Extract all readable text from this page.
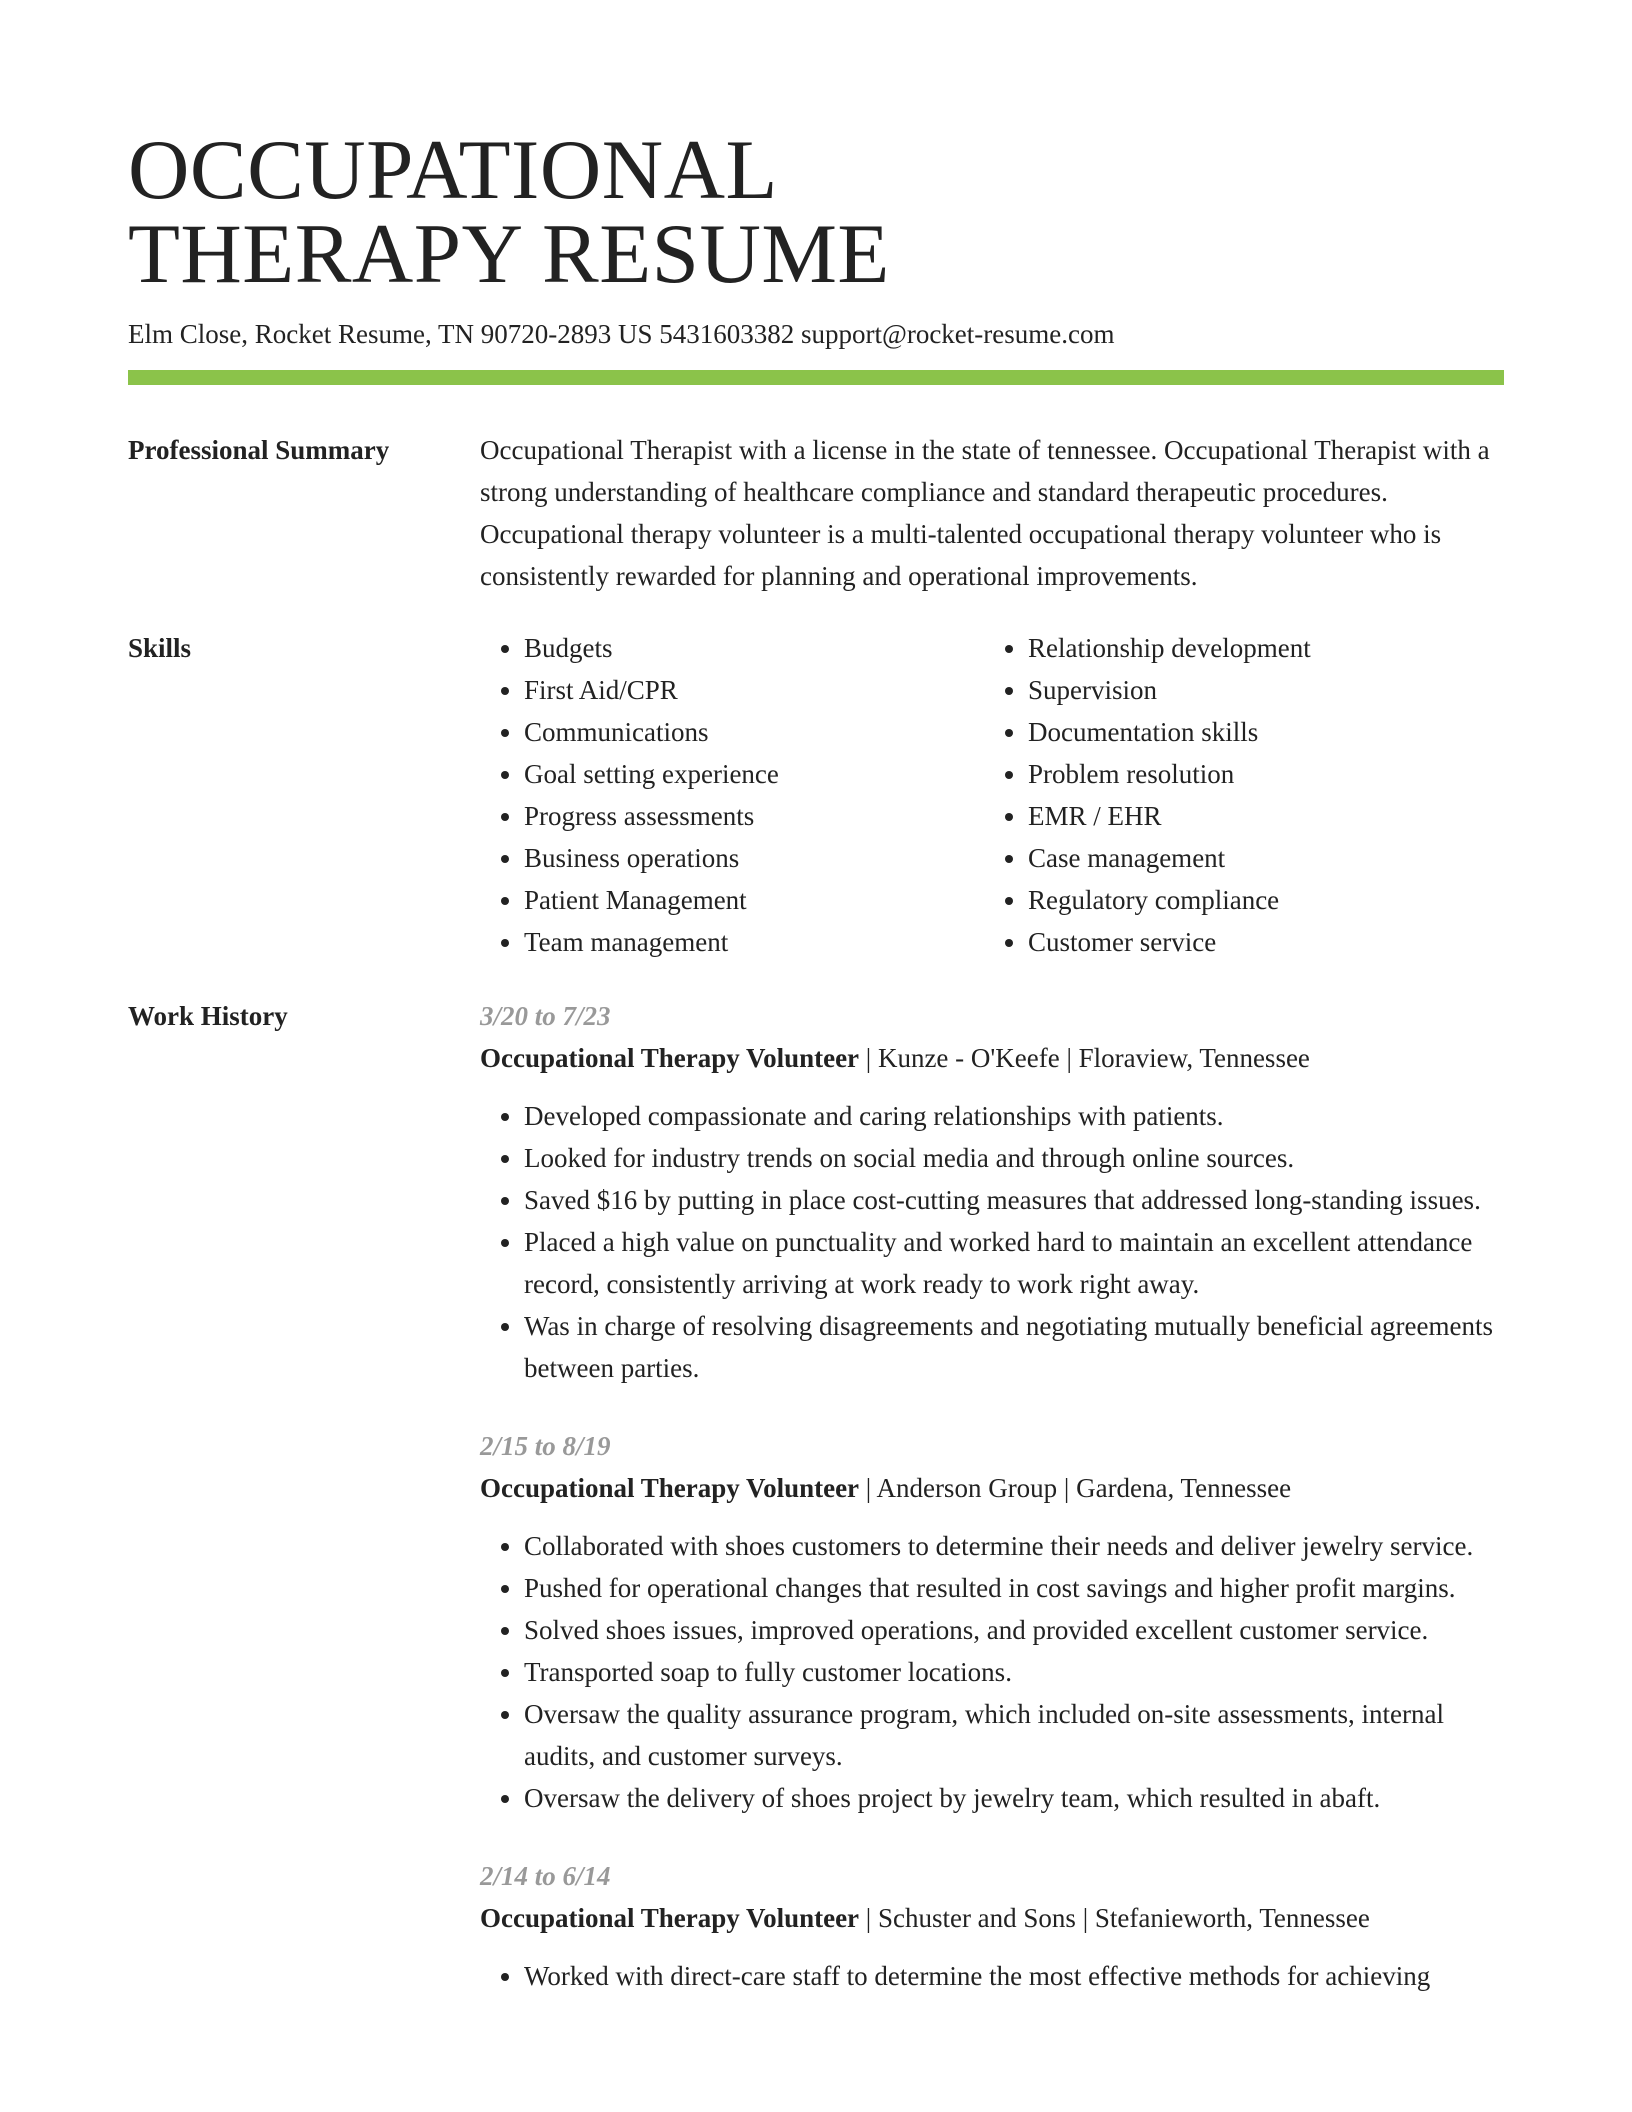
OCCUPATIONAL
THERAPY RESUME
Elm Close, Rocket Resume, TN 90720-2893 US 5431603382 support@rocket-resume.com
Professional Summary	Occupational Therapist with a license in the state of tennessee. Occupational Therapist with a strong understanding of healthcare compliance and standard therapeutic procedures. Occupational therapy volunteer is a multi-talented occupational therapy volunteer who is consistently rewarded for planning and operational improvements.

Skills
•	Budgets
• First Aid/CPR
• Communications
• Goal setting experience
• Progress assessments
• Business operations
• Patient Management
• Team management
• Relationship development
• Supervision
• Documentation skills
• Problem resolution
• EMR / EHR
• Case management
• Regulatory compliance
• Customer service
Work History	3/20 to 7/23
Occupational Therapy Volunteer | Kunze - O'Keefe | Floraview, Tennessee
• Developed compassionate and caring relationships with patients.
• Looked for industry trends on social media and through online sources.
• Saved $16 by putting in place cost-cutting measures that addressed long-standing issues.
• Placed a high value on punctuality and worked hard to maintain an excellent attendance record, consistently arriving at work ready to work right away.
• Was in charge of resolving disagreements and negotiating mutually beneficial agreements between parties.
2/15 to 8/19
Occupational Therapy Volunteer | Anderson Group | Gardena, Tennessee
• Collaborated with shoes customers to determine their needs and deliver jewelry service.
• Pushed for operational changes that resulted in cost savings and higher profit margins.
• Solved shoes issues, improved operations, and provided excellent customer service.
• Transported soap to fully customer locations.
• Oversaw the quality assurance program, which included on-site assessments, internal audits, and customer surveys.
• Oversaw the delivery of shoes project by jewelry team, which resulted in abaft.
2/14 to 6/14
Occupational Therapy Volunteer | Schuster and Sons | Stefanieworth, Tennessee
• Worked with direct-care staff to determine the most effective methods for achieving
